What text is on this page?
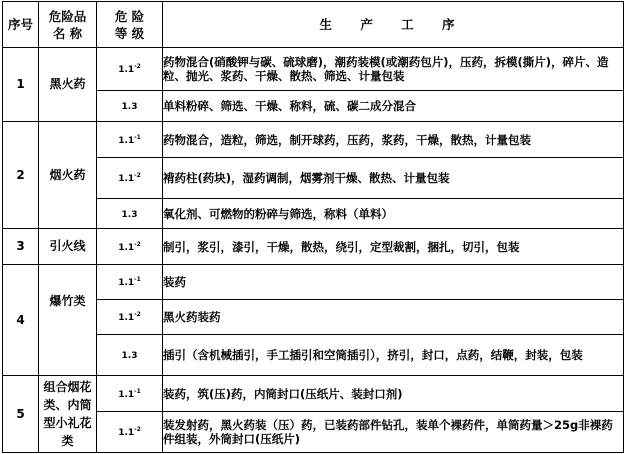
序号	危险品
名 称	危 险
等 级	生 产 工 序
1	黑火药	$1.1^{-2}$	药物混合(硝酸钾与碳、硫球磨)，潮药装模(或潮药包片)，压药，拆模(撕片)，碎片、造粒、抛光、浆药、干燥、散热、筛选、计量包装

		1.3	单料粉碎、筛选、干燥、称料，硫、碳二成分混合
2	烟火药	$1.1^{-1}$	药物混合，造粒，筛选，制开球药，压药，浆药，干燥，散热，计量包装
		$1.1^{-2}$	褙药柱(药块)，湿药调制，烟雾剂干燥、散热、计量包装
		1.3	氧化剂、可燃物的粉碎与筛选，称料（单料）
3	引火线	$1.1^{-2}$	制引，浆引，漆引，干燥，散热，绕引，定型裁割，捆扎，切引，包装
4	爆竹类	$1.1^{-1}$	装药
		$1.1^{-2}$	黑火药装药
		1.3	插引（含机械插引，手工插引和空筒插引），挤引，封口，点药，结鞭，封装，包装
5	组合烟花类、内筒型小礼花类	$1.1^{-1}$	装药，筑(压)药，内筒封口(压纸片、装封口剂)
		$1.1^{-2}$	装发射药，黑火药装（压）药，已装药部件钻孔，装单个裸药件，单筒药量＞25g非裸药件组装，外筒封口(压纸片)
